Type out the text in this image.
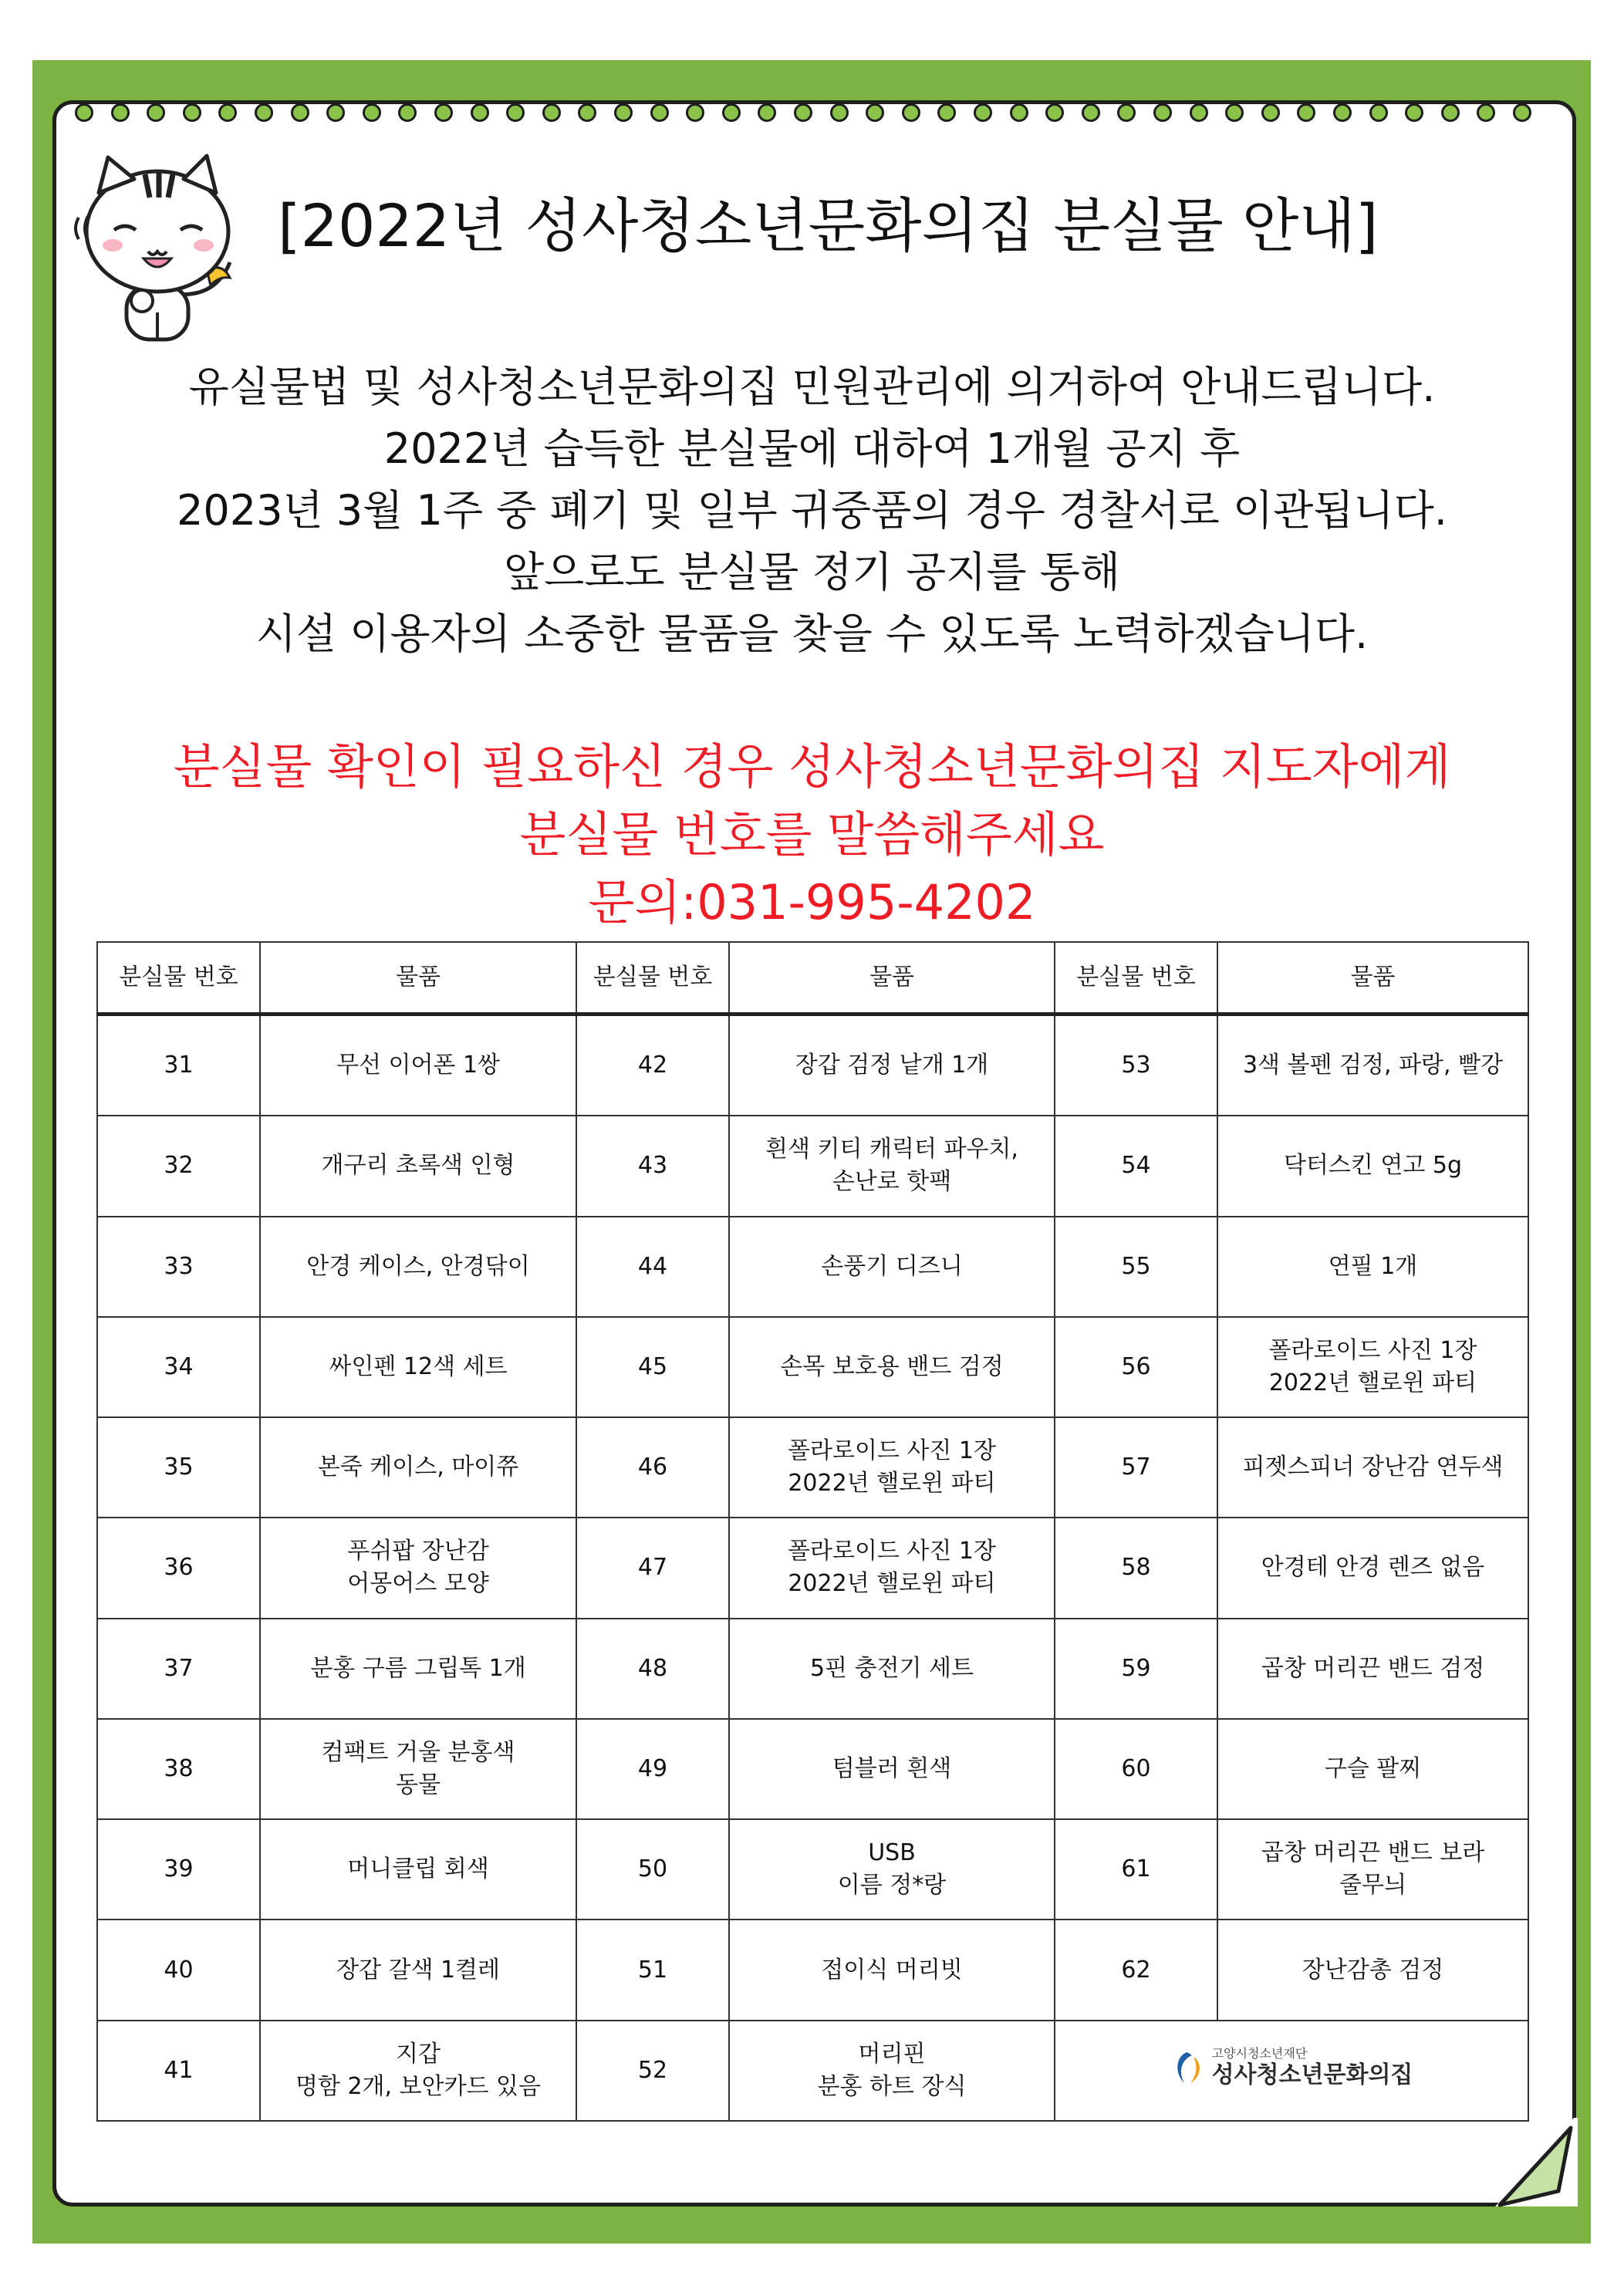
[2022년 성사청소년문화의집 분실물 안내]
유실물법 및 성사청소년문화의집 민원관리에 의거하여 안내드립니다.
2022년 습득한 분실물에 대하여 1개월 공지 후
2023년 3월 1주 중 폐기 및 일부 귀중품의 경우 경찰서로 이관됩니다.
앞으로도 분실물 정기 공지를 통해
시설 이용자의 소중한 물품을 찾을 수 있도록 노력하겠습니다.
분실물 확인이 필요하신 경우 성사청소년문화의집 지도자에게
분실물 번호를 말씀해주세요
문의:031-995-4202
분실물 번호	물품	분실물 번호	물품	분실물 번호	물품
31	무선 이어폰 1쌍	42	장갑 검정 낱개 1개	53	3색 볼펜 검정, 파랑, 빨강
32	개구리 초록색 인형	43	흰색 키티 캐릭터 파우치,
손난로 핫팩	54	닥터스킨 연고 5g
33	안경 케이스, 안경닦이	44	손풍기 디즈니	55	연필 1개
34	싸인펜 12색 세트	45	손목 보호용 밴드 검정	56	폴라로이드 사진 1장
2022년 핼로윈 파티
35	본죽 케이스, 마이쮸	46	폴라로이드 사진 1장
2022년 핼로윈 파티	57	피젯스피너 장난감 연두색
36	푸쉬팝 장난감
어몽어스 모양	47	폴라로이드 사진 1장
2022년 핼로윈 파티	58	안경테 안경 렌즈 없음
37	분홍 구름 그립톡 1개	48	5핀 충전기 세트	59	곱창 머리끈 밴드 검정
38	컴팩트 거울 분홍색
동물	49	텀블러 흰색	60	구슬 팔찌
39	머니클립 회색	50	USB
이름 정*랑	61	곱창 머리끈 밴드 보라
줄무늬
40	장갑 갈색 1켤레	51	접이식 머리빗	62	장난감총 검정
41	지갑
명함 2개, 보안카드 있음	52	머리핀
분홍 하트 장식	고양시청소년재단
성사청소년문화의집	
